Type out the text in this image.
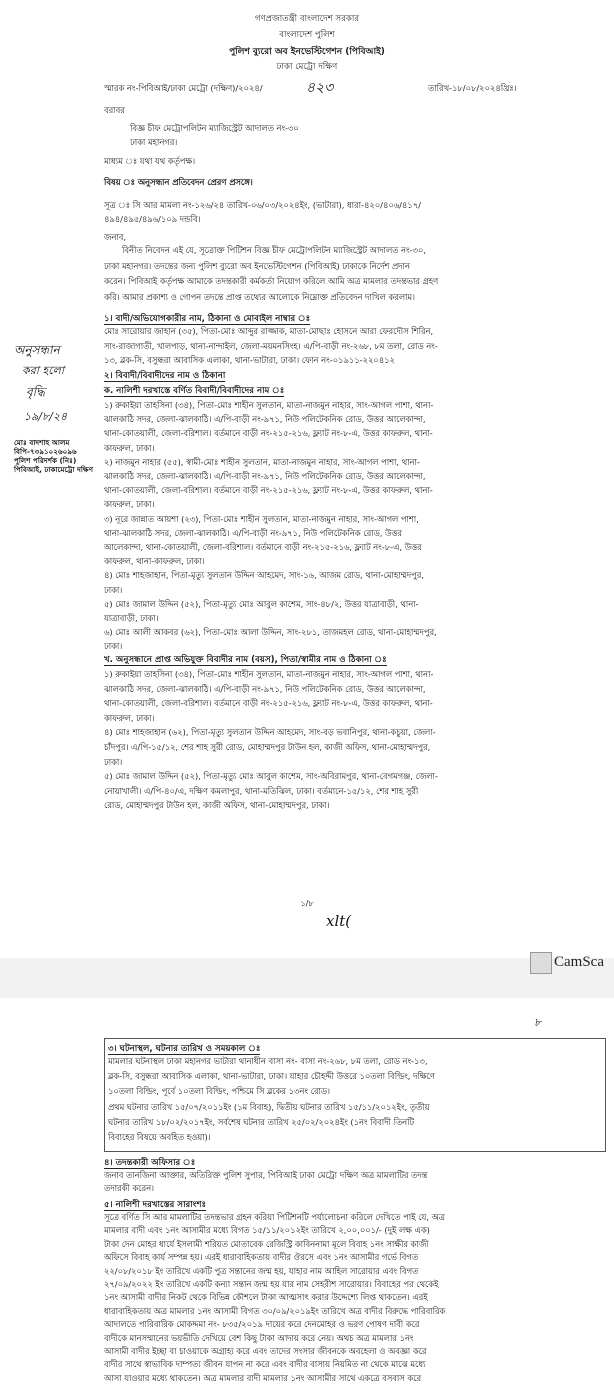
গণপ্রজাতন্ত্রী বাংলাদেশ সরকার
বাংলাদেশ পুলিশ
পুলিশ ব্যুরো অব ইনভেস্টিগেশন (পিবিআই)
ঢাকা মেট্রো দক্ষিণ
স্মারক নং-পিবিআই/ঢাকা মেট্রো (দক্ষিণ)/২০২৪/	৪২৩	তারিখ-১৮/০৮/২০২৪খ্রিঃ।
বরাবর
বিজ্ঞ চীফ মেট্রোপলিটন ম্যাজিস্ট্রেট আদালত নং-৩০
ঢাকা মহানগর।
মাধ্যম ঃ যথা যথ কর্তৃপক্ষ।
বিষয় ঃ অনুসন্ধান প্রতিবেদন প্রেরণ প্রসঙ্গে।
সূত্র ঃ সি আর মামলা নং-১২৬/২৪ তারিখ-০৬/০৩/২০২৪ইং, (ভাটারা), ধারা-৪২০/৪০৬/৪১৭/
৪৯৪/৪৯৫/৪৯৬/১০৯ দন্ডবি।
জনাব,
বিনীত নিবেদন এই যে, সূত্রোক্ত পিটিশন বিজ্ঞ চীফ মেট্রোপলিটন ম্যাজিস্ট্রেট আদালত নং-৩০,
ঢাকা মহানগর। তদন্তের জন্য পুলিশ ব্যুরো অব ইনভেস্টিগেশন (পিবিআই) ঢাকাকে নির্দেশ প্রদান
করেন। পিবিআই কর্তৃপক্ষ আমাকে তদন্তকারী কর্মকর্তা নিয়োগ করিলে আমি অত্র মামলার তদন্তভার গ্রহণ
করি। আমার প্রকাশ্য ও গোপন তদন্তে প্রাপ্ত তথ্যের আলোকে নিম্নোক্ত প্রতিবেদন দাখিল করলাম।
১। বাদী/অভিযোগকারীর নাম, ঠিকানা ও মোবাইল নাম্বার ঃ
মোঃ সারোয়ার জাহান (৩৫), পিতা-মোঃ আব্দুর রাজ্জাক, মাতা-মোছাঃ হোসনে আরা ফেরদৌস শিরিন,
সাং-রাজাগাতী, খালপাড়, থানা-নান্দাইল, জেলা-ময়মনসিংহ। এ/পি-বাড়ী নং-২৬৮, ৮ম তলা, রোড নং-
১৩, ব্লক-সি, বসুন্ধরা আবাসিক এলাকা, থানা-ভাটারা, ঢাকা। ফোন নং-০১৯১১-২২০৪১২
২। বিবাদী/বিবাদীদের নাম ও ঠিকানা
ক. নালিশী দরখাস্তে বর্ণিত বিবাদী/বিবাদীদের নাম ঃ
১) রুকাইয়া তাহসিনা (৩৪), পিতা-মোঃ শাহীন সুলতান, মাতা-নাজমুন নাহার, সাং-আগল পাশা, থানা-
ঝালকাঠি সদর, জেলা-ঝালকাঠি। এ/পি-বাড়ী নং-৯৭১, নিউ পলিটেকনিক রোড, উত্তর আলেকান্দা,
থানা-কোতয়ালী, জেলা-বরিশাল। বর্তমানে বাড়ী নং-২১৫-২১৬, ফ্ল্যাট নং-৮-এ, উত্তর কাফরুল, থানা-
কাফরুল, ঢাকা।
২) নাজমুন নাহার (৫৫), স্বামী-মোঃ শাহীন সুলতান, মাতা-নাজমুন নাহার, সাং-আগল পাশা, থানা-
ঝালকাঠি সদর, জেলা-ঝালকাঠি। এ/পি-বাড়ী নং-৯৭১, নিউ পলিটেকনিক রোড, উত্তর আলেকান্দা,
থানা-কোতয়ালী, জেলা-বরিশাল। বর্তমানে বাড়ী নং-২১৫-২১৬, ফ্ল্যাট নং-৮-এ, উত্তর কাফরুল, থানা-
কাফরুল, ঢাকা।
৩) নূরে জান্নাত আয়শা (২৩), পিতা-মোঃ শাহীন সুলতান, মাতা-নাজমুন নাহার, সাং-আগল পাশা,
থানা-ঝালকাঠি সদর, জেলা-ঝালকাঠি। এ/পি-বাড়ী নং-৯৭১, নিউ পলিটেকনিক রোড, উত্তর
আলেকান্দা, থানা-কোতয়ালী, জেলা-বরিশাল। বর্তমানে বাড়ী নং-২১৫-২১৬, ফ্ল্যাট নং-৮-এ, উত্তর
কাফরুল, থানা-কাফরুল, ঢাকা।
৪) মোঃ শাহজাহান, পিতা-মৃত্যু সুলতান উদ্দিন আহমেদ, সাং-১৬, আজম রোড, থানা-মোহাম্মদপুর,
ঢাকা।
৫) মোঃ জামাল উদ্দিন (৫২), পিতা-মৃত্যু মোঃ আবুল কাশেম, সাং-৪৮/২, উত্তর যাত্রাবাড়ী, থানা-
যাত্রাবাড়ী, ঢাকা।
৬) মোঃ আলী আকবর (৬২), পিতা-মোঃ আলা উদ্দিন, সাং-২৮১, তাজমহল রোড, থানা-মোহাম্মদপুর,
ঢাকা।
খ. অনুসন্ধানে প্রাপ্ত অভিযুক্ত বিবাদীর নাম (বয়স), পিতা/স্বামীর নাম ও ঠিকানা ঃ
১) রুকাইয়া তাহসিনা (৩৪), পিতা-মোঃ শাহীন সুলতান, মাতা-নাজমুন নাহার, সাং-আগল পাশা, থানা-
ঝালকাঠি সদর, জেলা-ঝালকাঠি। এ/পি-বাড়ী নং-৯৭১, নিউ পলিটেকনিক রোড, উত্তর আলেকান্দা,
থানা-কোতয়ালী, জেলা-বরিশাল। বর্তমানে বাড়ী নং-২১৫-২১৬, ফ্ল্যাট নং-৮-এ, উত্তর কাফরুল, থানা-
কাফরুল, ঢাকা।
৪) মোঃ শাহজাহান (৬২), পিতা-মৃত্যু সুলতান উদ্দিন আহমেদ, সাং-বড় ভবানিপুর, থানা-কচুয়া, জেলা-
চাঁদপুর। এ/পি-১৫/১২, শের শাহ সুরী রোড, মোহাম্মদপুর টাউন হল, কাজী অফিস, থানা-মোহাম্মদপুর,
ঢাকা।
৫) মোঃ জামাল উদ্দিন (৫২), পিতা-মৃত্যু মোঃ আবুল কাশেম, সাং-অবিরামপুর, থানা-বেগমগঞ্জ, জেলা-
নোয়াখালী। এ/পি-৪০/এ, দক্ষিণ কমলাপুর, থানা-মতিঝিল, ঢাকা। বর্তমানে-১৫/১২, শের শাহ সুরী
রোড, মোহাম্মদপুর টাউন হল, কাজী অফিস, থানা-মোহাম্মদপুর, ঢাকা।
অনুসন্ধান
করা হলো
বৃদ্ধি
১৯/৮/২৪
মোঃ বাদশাহ আলম
বিপি-৭৩৯১০২৬০৯৬
পুলিশ পরিদর্শক (নিঃ)
পিবিআই, ঢাকামেট্রো দক্ষিণ
১/৮
xlt(
CamSca
৮
৩। ঘটনাস্থল, ঘটনার তারিখ ও সময়কাল ঃ
মামলার ঘটনাস্থল ঢাকা মহানগর ভাটারা থানাধীন বাসা নং- বাসা নং-২৬৮, ৮ম তলা, রোড নং-১৩,
ব্লক-সি, বসুন্ধরা আবাসিক এলাকা, থানা-ভাটারা, ঢাকা। যাহার চৌহদ্দী উত্তরে ১০তলা বিল্ডিং, দক্ষিণে
১০তলা বিল্ডিং, পূর্বে ১০তলা বিল্ডিং, পশ্চিমে সি ব্লকের ১৩নং রোড।
প্রথম ঘটনার তারিখ ১৫/০৭/২০১১ইং (১ম বিবাহ), দ্বিতীয় ঘটনার তারিখ ১৫/১১/২০১২ইং, তৃতীয়
ঘটনার তারিখ ১৮/০২/২০১৭ইং, সর্বশেষ ঘটনার তারিখ ২৫/০২/২০২৪ইং (১নং বিবাদী তিনটি
বিবাহের বিষয়ে অবহিত হওয়া)।
৪। তদন্তকারী অফিসার ঃ
জনাব তানজিনা আক্তার, অতিরিক্ত পুলিশ সুপার, পিবিআই ঢাকা মেট্রো দক্ষিণ অত্র মামলাটির তদন্ত
তদারকী করেন।
৫। নালিশী দরখাস্তের সারাংশঃ
সূত্রে বর্ণিত সি আর মামলাটির তদন্তভার গ্রহন করিয়া পিটিশনটি পর্যালোচনা করিলে দেখিতে পাই যে, অত্র
মামলার বাদী এবং ১নং আসামীর মধ্যে বিগত ১৫/১১/২০১২ইং তারিখে ২,০০,০০১/- (দুই লক্ষ এক)
টাকা দেন মোহর ধার্যে ইসলামী শরিয়ত মোতাবেক রেজিস্ট্রি কাবিননামা মূলে বিবাহ ১নং সাক্ষীর কাজী
অফিসে বিবাহ কার্য সম্পন্ন হয়। এরই ধারাবাহিকতায় বাদীর ঔরসে এবং ১নং আসামীর গর্ভে বিগত
২২/০৮/২০১৮ ইং তারিখে একটি পুত্র সন্তানের জন্ম হয়, যাহার নাম আহিল সারোয়ার এবং বিগত
২৭/০৯/২০২২ ইং তারিখে একটি কন্যা সন্তান জন্ম হয় যার নাম সেহরীশ সারোয়ার। বিবাহের পর থেকেই
১নং আসামী বাদীর নিকট থেকে বিভিন্ন কৌশলে টাকা আত্মসাৎ করার উদ্দেশ্যে লিপ্ত থাকতেন। এরই
ধারাবাহিকতায় অত্র মামলার ১নং আসামী বিগত ৩০/০৯/২০১৯ইং তারিখে অত্র বাদীর বিরুদ্ধে পারিবারিক
আদালতে পারিবারিক মোকদ্দমা নং- ৮৩৫/২০১৯ দায়ের করে দেনমোহর ও ভরণ পোষণ দাবী করে
বাদীকে মানসম্মানের ভয়ভীতি দেখিয়ে বেশ কিছু টাকা আদায় করে নেয়। অথচ অত্র মামলার ১নং
আসামী বাদীর ইচ্ছা বা চাওয়াকে অগ্রাহ্য করে এবং তাদের সংসার জীবনকে অবহেলা ও অবজ্ঞা করে
বাদীর সাথে স্বাভাবিক দাম্পত্য জীবন যাপন না করে এবং বাদীর বাসায় নিয়মিত না থেকে মাঝে মধ্যে
আসা যাওয়ার মধ্যে থাকতেন। অত্র মামলার বাদী মামলার ১নং আসামীর সাথে একত্রে বসবাস করে
